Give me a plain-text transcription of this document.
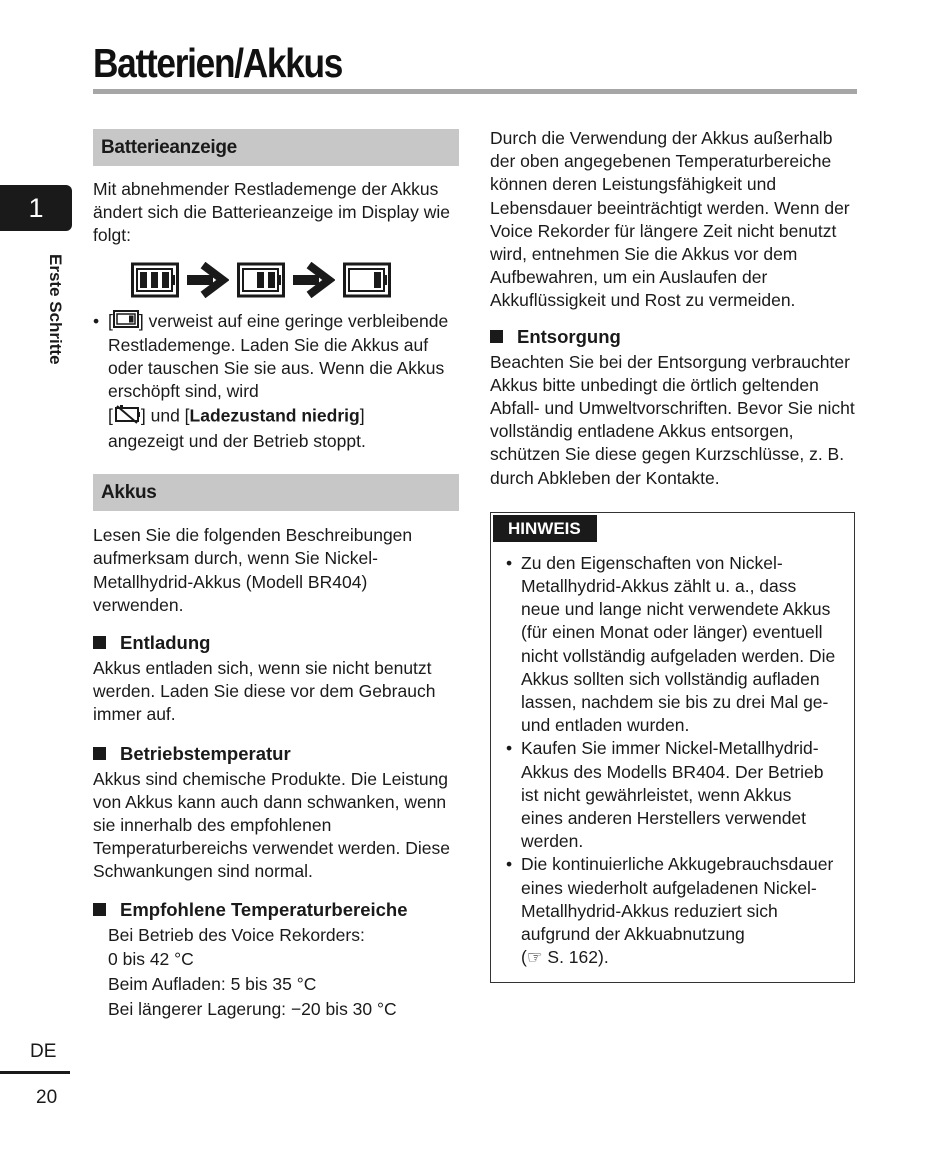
Batterien/Akkus
1
Erste Schritte
DE
20
Batterieanzeige

Mit abnehmender Restlademenge der Akkus ändert sich die Batterieanzeige im Display wie folgt:

• [ ] verweist auf eine geringe verbleibende Restlademenge. Laden Sie die Akkus auf oder tauschen Sie sie aus. Wenn die Akkus erschöpft sind, wird
[ ] und [Ladezustand niedrig]
angezeigt und der Betrieb stoppt.
Akkus

Lesen Sie die folgenden Beschreibungen aufmerksam durch, wenn Sie Nickel-Metallhydrid-Akkus (Modell BR404) verwenden.

Entladung

Akkus entladen sich, wenn sie nicht benutzt werden. Laden Sie diese vor dem Gebrauch immer auf.

Betriebstemperatur

Akkus sind chemische Produkte. Die Leistung von Akkus kann auch dann schwanken, wenn sie innerhalb des empfohlenen Temperaturbereichs verwendet werden. Diese Schwankungen sind normal.

Empfohlene Temperaturbereiche

Bei Betrieb des Voice Rekorders:

0 bis 42 °C

Beim Aufladen: 5 bis 35 °C

Bei längerer Lagerung: −20 bis 30 °C

Durch die Verwendung der Akkus außerhalb der oben angegebenen Temperaturbereiche können deren Leistungsfähigkeit und Lebensdauer beeinträchtigt werden. Wenn der Voice Rekorder für längere Zeit nicht benutzt wird, entnehmen Sie die Akkus vor dem Aufbewahren, um ein Auslaufen der Akkuflüssigkeit und Rost zu vermeiden.

Entsorgung

Beachten Sie bei der Entsorgung verbrauchter Akkus bitte unbedingt die örtlich geltenden Abfall- und Umweltvorschriften. Bevor Sie nicht vollständig entladene Akkus entsorgen, schützen Sie diese gegen Kurzschlüsse, z. B. durch Abkleben der Kontakte.

HINWEIS
• Zu den Eigenschaften von Nickel-Metallhydrid-Akkus zählt u. a., dass neue und lange nicht verwendete Akkus (für einen Monat oder länger) eventuell nicht vollständig aufgeladen werden. Die Akkus sollten sich vollständig aufladen lassen, nachdem sie bis zu drei Mal ge- und entladen wurden.
• Kaufen Sie immer Nickel-Metallhydrid-Akkus des Modells BR404. Der Betrieb ist nicht gewährleistet, wenn Akkus eines anderen Herstellers verwendet werden.
• Die kontinuierliche Akkugebrauchsdauer eines wiederholt aufgeladenen Nickel-Metallhydrid-Akkus reduziert sich aufgrund der Akkuabnutzung
(☞ S. 162).
